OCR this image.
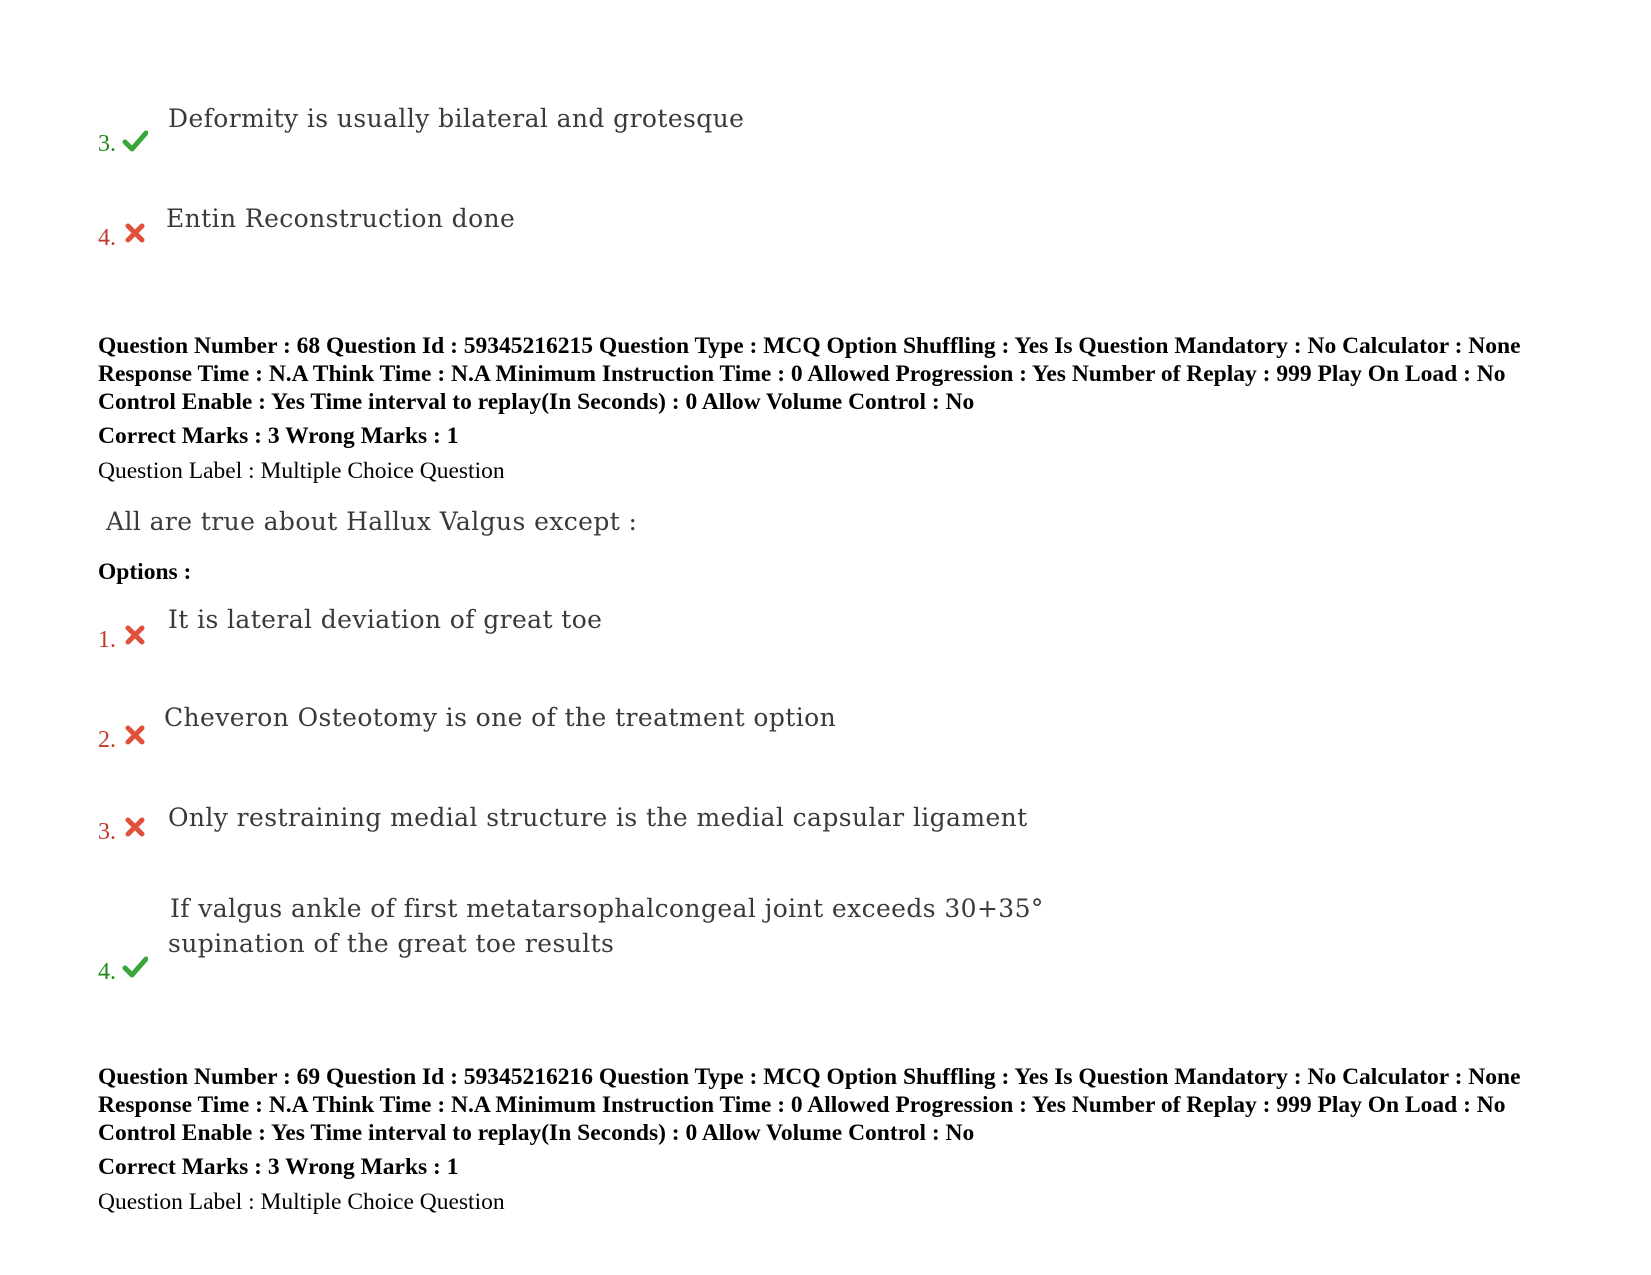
3.
Deformity is usually bilateral and grotesque
4.
Entin Reconstruction done
Question Number : 68 Question Id : 59345216215 Question Type : MCQ Option Shuffling : Yes Is Question Mandatory : No Calculator : None Response Time : N.A Think Time : N.A Minimum Instruction Time : 0 Allowed Progression : Yes Number of Replay : 999 Play On Load : No Control Enable : Yes Time interval to replay(In Seconds) : 0 Allow Volume Control : No
Correct Marks : 3 Wrong Marks : 1
Question Label : Multiple Choice Question
All are true about Hallux Valgus except :
Options :
1.
It is lateral deviation of great toe
2.
Cheveron Osteotomy is one of the treatment option
3. Only restraining medial structure is the medial capsular ligament
4.
If valgus ankle of first metatarsophalcongeal joint exceeds 30+35°
supination of the great toe results
Question Number : 69 Question Id : 59345216216 Question Type : MCQ Option Shuffling : Yes Is Question Mandatory : No Calculator : None Response Time : N.A Think Time : N.A Minimum Instruction Time : 0 Allowed Progression : Yes Number of Replay : 999 Play On Load : No Control Enable : Yes Time interval to replay(In Seconds) : 0 Allow Volume Control : No
Correct Marks : 3 Wrong Marks : 1
Question Label : Multiple Choice Question
